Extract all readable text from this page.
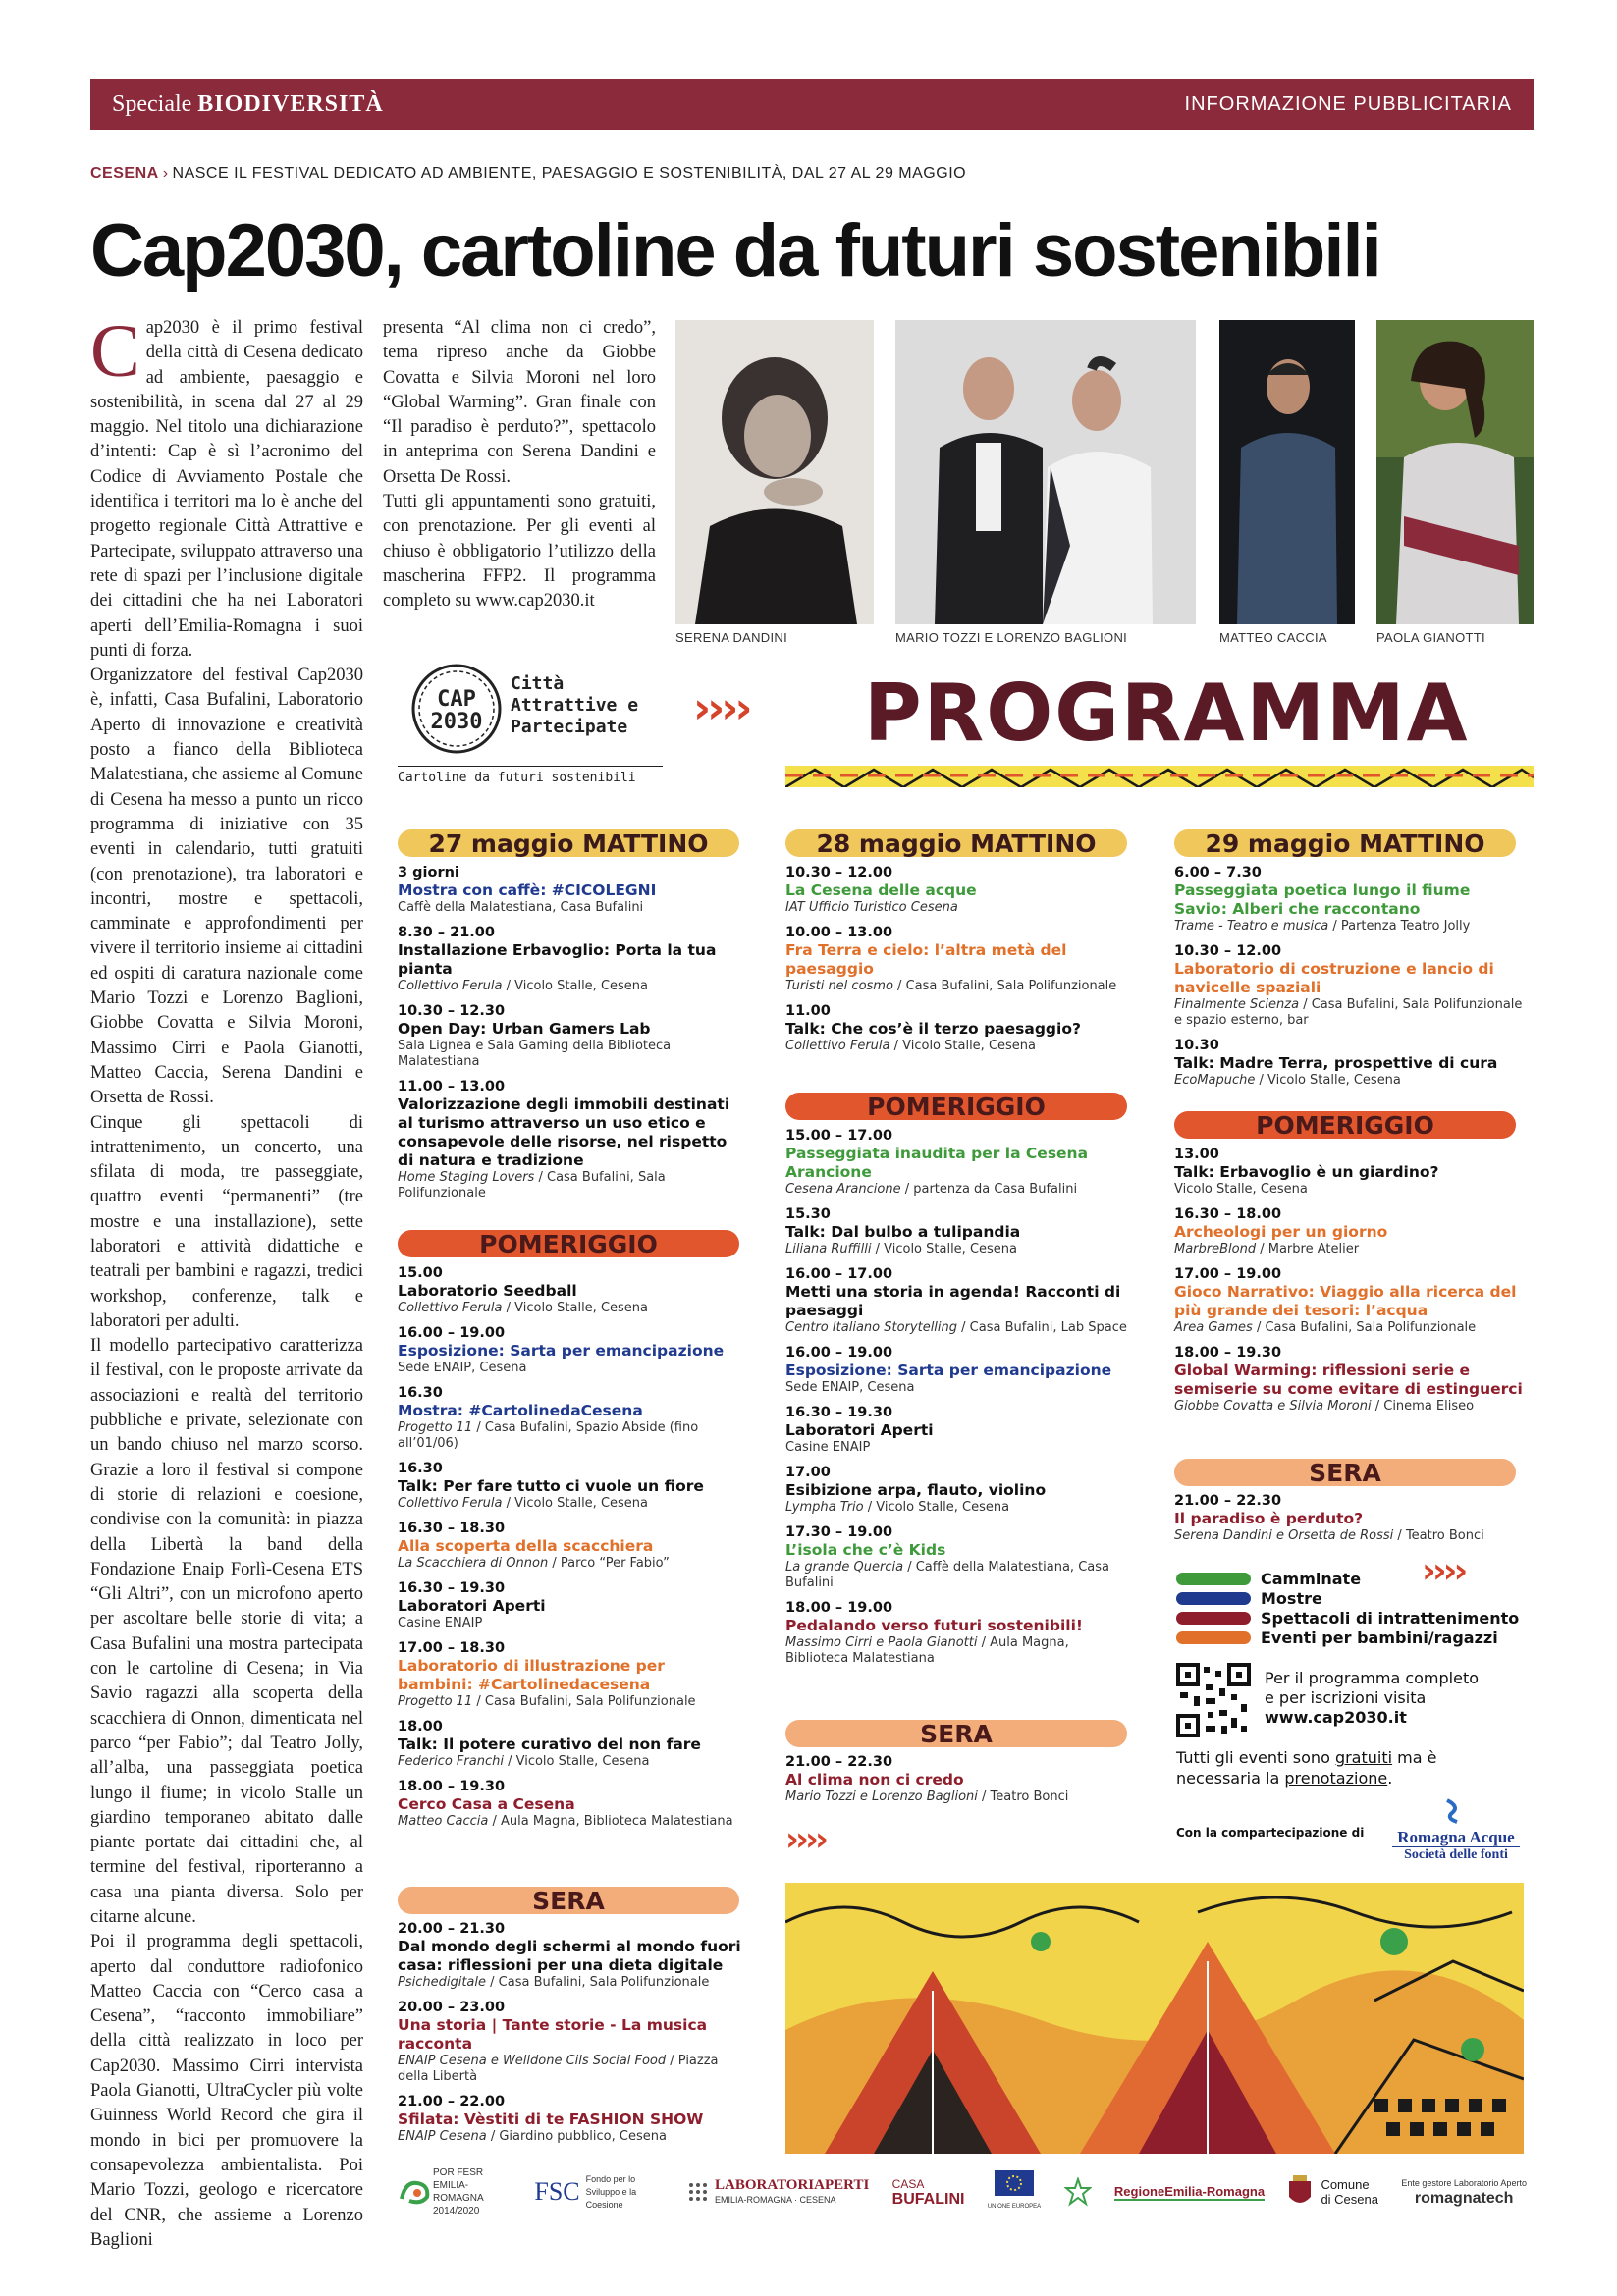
Speciale BIODIVERSITÀ	INFORMAZIONE PUBBLICITARIA
CESENA › NASCE IL FESTIVAL DEDICATO AD AMBIENTE, PAESAGGIO E SOSTENIBILITÀ, DAL 27 AL 29 MAGGIO
Cap2030, cartoline da futuri sostenibili
C ap2030 è il primo festival della città di Cesena dedicato ad ambiente, paesaggio e sostenibilità, in scena dal 27 al 29 maggio. Nel titolo una dichiarazione d’intenti: Cap è sì l’acronimo del Codice di Avviamento Postale che identifica i territori ma lo è anche del progetto regionale Città Attrattive e Partecipate, sviluppato attraverso una rete di spazi per l’inclusione digitale dei cittadini che ha nei Laboratori aperti dell’Emilia-Romagna i suoi punti di forza.

Organizzatore del festival Cap2030 è, infatti, Casa Bufalini, Laboratorio Aperto di innovazione e creatività posto a fianco della Biblioteca Malatestiana, che assieme al Comune di Cesena ha messo a punto un ricco programma di iniziative con 35 eventi in calendario, tutti gratuiti (con prenotazione), tra laboratori e incontri, mostre e spettacoli, camminate e approfondimenti per vivere il territorio insieme ai cittadini ed ospiti di caratura nazionale come Mario Tozzi e Lorenzo Baglioni, Giobbe Covatta e Silvia Moroni, Massimo Cirri e Paola Gianotti, Matteo Caccia, Serena Dandini e Orsetta de Rossi.

Cinque gli spettacoli di intrattenimento, un concerto, una sfilata di moda, tre passeggiate, quattro eventi “permanenti” (tre mostre e una installazione), sette laboratori e attività didattiche e teatrali per bambini e ragazzi, tredici workshop, conferenze, talk e laboratori per adulti.

Il modello partecipativo caratterizza il festival, con le proposte arrivate da associazioni e realtà del territorio pubbliche e private, selezionate con un bando chiuso nel marzo scorso. Grazie a loro il festival si compone di storie di relazioni e coesione, condivise con la comunità: in piazza della Libertà la band della Fondazione Enaip Forlì-Cesena ETS “Gli Altri”, con un microfono aperto per ascoltare belle storie di vita; a Casa Bufalini una mostra partecipata con le cartoline di Cesena; in Via Savio ragazzi alla scoperta della scacchiera di Onnon, dimenticata nel parco “per Fabio”; dal Teatro Jolly, all’alba, una passeggiata poetica lungo il fiume; in vicolo Stalle un giardino temporaneo abitato dalle piante portate dai cittadini che, al termine del festival, riporteranno a casa una pianta diversa. Solo per citarne alcune.

Poi il programma degli spettacoli, aperto dal conduttore radiofonico Matteo Caccia con “Cerco casa a Cesena”, “racconto immobiliare” della città realizzato in loco per Cap2030. Massimo Cirri intervista Paola Gianotti, UltraCycler più volte Guinness World Record che gira il mondo in bici per promuovere la consapevolezza ambientalista. Poi Mario Tozzi, geologo e ricercatore del CNR, che assieme a Lorenzo Baglioni

presenta “Al clima non ci credo”, tema ripreso anche da Giobbe Covatta e Silvia Moroni nel loro “Global Warming”. Gran finale con “Il paradiso è perduto?”, spettacolo in anteprima con Serena Dandini e Orsetta De Rossi.

Tutti gli appuntamenti sono gratuiti, con prenotazione. Per gli eventi al chiuso è obbligatorio l’utilizzo della mascherina FFP2. Il programma completo su www.cap2030.it

SERENA DANDINI	MARIO TOZZI E LORENZO BAGLIONI	MATTEO CACCIA	PAOLA GIANOTTI
CAP
2030
Città
Attrattive e
Partecipate
Cartoline da futuri sostenibili
›››› PROGRAMMA
27 maggio MATTINO
3 giorni
Mostra con caffè: #CICOLEGNI
Caffè della Malatestiana, Casa Bufalini
8.30 – 21.00
Installazione Erbavoglio: Porta la tua pianta
Collettivo Ferula / Vicolo Stalle, Cesena
10.30 – 12.30
Open Day: Urban Gamers Lab
Sala Lignea e Sala Gaming della Biblioteca Malatestiana
11.00 – 13.00
Valorizzazione degli immobili destinati al turismo attraverso un uso etico e consapevole delle risorse, nel rispetto di natura e tradizione
Home Staging Lovers / Casa Bufalini, Sala Polifunzionale
POMERIGGIO
15.00
Laboratorio Seedball
Collettivo Ferula / Vicolo Stalle, Cesena
16.00 – 19.00
Esposizione: Sarta per emancipazione
Sede ENAIP, Cesena
16.30
Mostra: #CartolinedaCesena
Progetto 11 / Casa Bufalini, Spazio Abside (fino all’01/06)
16.30
Talk: Per fare tutto ci vuole un fiore
Collettivo Ferula / Vicolo Stalle, Cesena
16.30 – 18.30
Alla scoperta della scacchiera
La Scacchiera di Onnon / Parco “Per Fabio”
16.30 – 19.30
Laboratori Aperti
Casine ENAIP
17.00 – 18.30
Laboratorio di illustrazione per bambini: #Cartolinedacesena
Progetto 11 / Casa Bufalini, Sala Polifunzionale
18.00
Talk: Il potere curativo del non fare
Federico Franchi / Vicolo Stalle, Cesena
18.00 – 19.30
Cerco Casa a Cesena
Matteo Caccia / Aula Magna, Biblioteca Malatestiana
SERA
20.00 – 21.30
Dal mondo degli schermi al mondo fuori casa: riflessioni per una dieta digitale
Psichedigitale / Casa Bufalini, Sala Polifunzionale
20.00 – 23.00
Una storia | Tante storie - La musica racconta
ENAIP Cesena e Welldone Cils Social Food / Piazza della Libertà
21.00 – 22.00
Sfilata: Vèstiti di te FASHION SHOW
ENAIP Cesena / Giardino pubblico, Cesena
28 maggio MATTINO
10.30 – 12.00
La Cesena delle acque
IAT Ufficio Turistico Cesena
10.00 – 13.00
Fra Terra e cielo: l’altra metà del paesaggio
Turisti nel cosmo / Casa Bufalini, Sala Polifunzionale
11.00
Talk: Che cos’è il terzo paesaggio?
Collettivo Ferula / Vicolo Stalle, Cesena
POMERIGGIO
15.00 – 17.00
Passeggiata inaudita per la Cesena Arancione
Cesena Arancione / partenza da Casa Bufalini
15.30
Talk: Dal bulbo a tulipandia
Liliana Ruffilli / Vicolo Stalle, Cesena
16.00 – 17.00
Metti una storia in agenda! Racconti di paesaggi
Centro Italiano Storytelling / Casa Bufalini, Lab Space
16.00 – 19.00
Esposizione: Sarta per emancipazione
Sede ENAIP, Cesena
16.30 – 19.30
Laboratori Aperti
Casine ENAIP
17.00
Esibizione arpa, flauto, violino
Lympha Trio / Vicolo Stalle, Cesena
17.30 – 19.00
L’isola che c’è Kids
La grande Quercia / Caffè della Malatestiana, Casa Bufalini
18.00 – 19.00
Pedalando verso futuri sostenibili!
Massimo Cirri e Paola Gianotti / Aula Magna, Biblioteca Malatestiana
SERA
21.00 – 22.30
Al clima non ci credo
Mario Tozzi e Lorenzo Baglioni / Teatro Bonci
››››
29 maggio MATTINO
6.00 – 7.30
Passeggiata poetica lungo il fiume Savio: Alberi che raccontano
Trame - Teatro e musica / Partenza Teatro Jolly
10.30 – 12.00
Laboratorio di costruzione e lancio di navicelle spaziali
Finalmente Scienza / Casa Bufalini, Sala Polifunzionale e spazio esterno, bar
10.30
Talk: Madre Terra, prospettive di cura
EcoMapuche / Vicolo Stalle, Cesena
POMERIGGIO
13.00
Talk: Erbavoglio è un giardino?
Vicolo Stalle, Cesena
16.30 – 18.00
Archeologi per un giorno
MarbreBlond / Marbre Atelier
17.00 – 19.00
Gioco Narrativo: Viaggio alla ricerca del più grande dei tesori: l’acqua
Area Games / Casa Bufalini, Sala Polifunzionale
18.00 – 19.30
Global Warming: riflessioni serie e semiserie su come evitare di estinguerci
Giobbe Covatta e Silvia Moroni / Cinema Eliseo
SERA
21.00 – 22.30
Il paradiso è perduto?
Serena Dandini e Orsetta de Rossi / Teatro Bonci
Camminate
Mostre
Spettacoli di intrattenimento
Eventi per bambini/ragazzi
››››
Per il programma completo
e per iscrizioni visita
www.cap2030.it
Tutti gli eventi sono gratuiti ma è necessaria la prenotazione.
Con la compartecipazione di	Romagna Acque
Società delle fonti
POR FESR EMILIA-ROMAGNA 2014/2020
FSC Fondo per lo Sviluppo e la Coesione
LABORATORIAPERTI
EMILIA-ROMAGNA · CESENA
CASA
BUFALINI	UNIONE EUROPEA
RegioneEmilia-Romagna	Comune
di Cesena
Ente gestore Laboratorio Aperto
romagnatech
